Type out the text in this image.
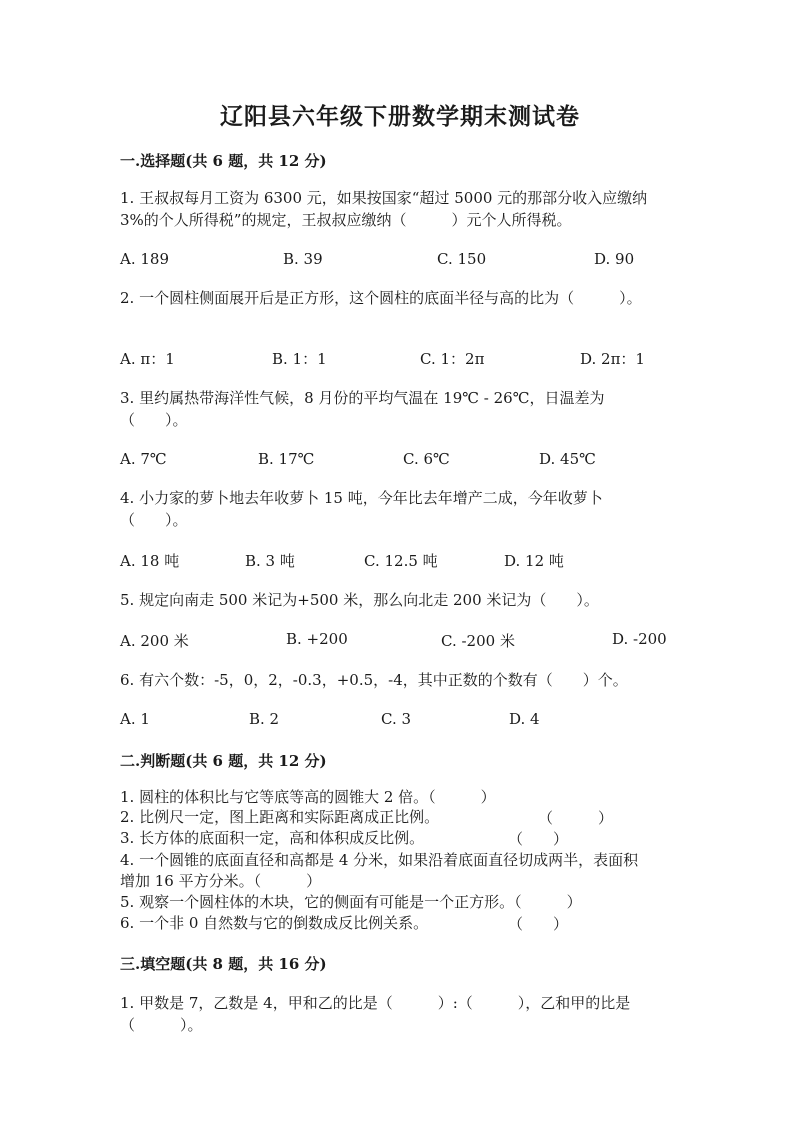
辽阳县六年级下册数学期末测试卷
一.选择题(共 6 题，共 12 分)
1. 王叔叔每月工资为 6300 元，如果按国家“超过 5000 元的那部分收入应缴纳
3%的个人所得税”的规定，王叔叔应缴纳（　　　）元个人所得税。
A. 189	B. 39	C. 150	D. 90
2. 一个圆柱侧面展开后是正方形，这个圆柱的底面半径与高的比为（　　　）。
A. π：1	B. 1：1	C. 1：2π	D. 2π：1
3. 里约属热带海洋性气候，8 月份的平均气温在 19℃ - 26℃，日温差为
（　　）。
A. 7℃	B. 17℃	C. 6℃	D. 45℃
4. 小力家的萝卜地去年收萝卜 15 吨，今年比去年增产二成，今年收萝卜
（　　）。
A. 18 吨	B. 3 吨	C. 12.5 吨	D. 12 吨
5. 规定向南走 500 米记为+500 米，那么向北走 200 米记为（　　）。
A. 200 米	B. +200	C. -200 米	D. -200
6. 有六个数：-5，0，2，-0.3，+0.5，-4，其中正数的个数有（　　）个。
A. 1	B. 2	C. 3	D. 4
二.判断题(共 6 题，共 12 分)
1. 圆柱的体积比与它等底等高的圆锥大 2 倍。（　　　）
2. 比例尺一定，图上距离和实际距离成正比例。	（　　　）
3. 长方体的底面积一定，高和体积成反比例。	（　　）
4. 一个圆锥的底面直径和高都是 4 分米，如果沿着底面直径切成两半，表面积
增加 16 平方分米。（　　　）
5. 观察一个圆柱体的木块，它的侧面有可能是一个正方形。（　　　）
6. 一个非 0 自然数与它的倒数成反比例关系。	（　　）
三.填空题(共 8 题，共 16 分)
1. 甲数是 7，乙数是 4，甲和乙的比是（　　　）:（　　　），乙和甲的比是
（　　　）。
